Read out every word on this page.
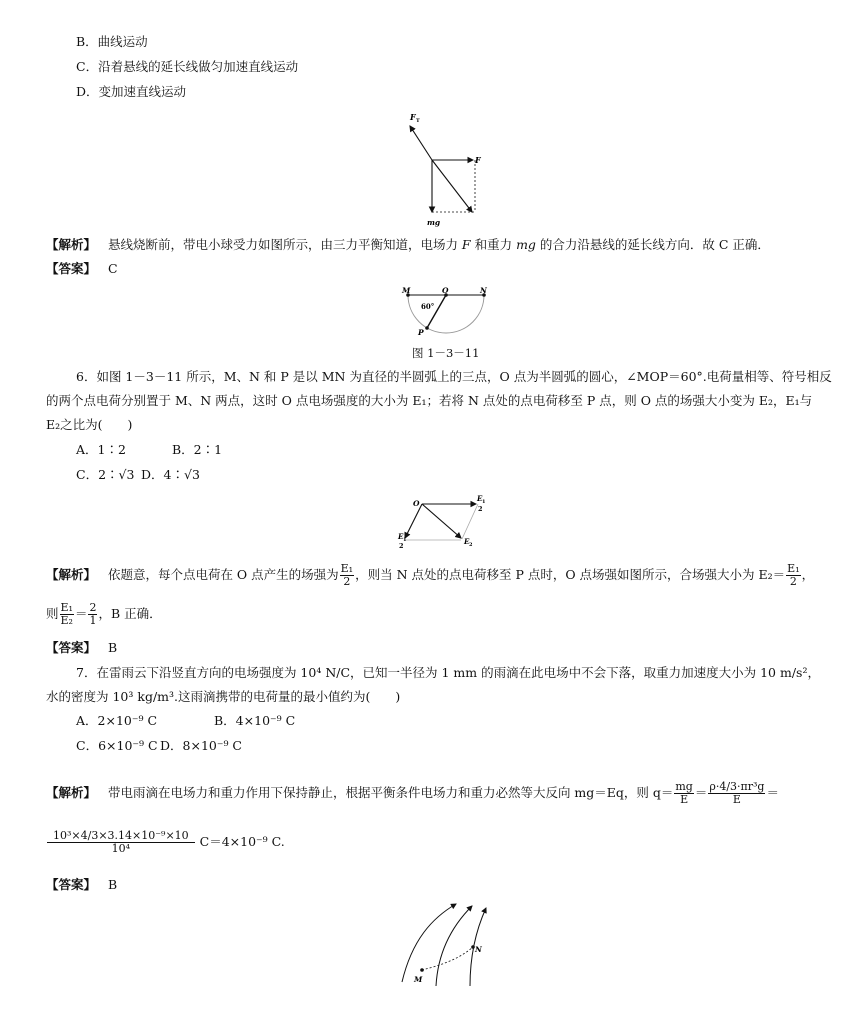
B．曲线运动
C．沿着悬线的延长线做匀加速直线运动
D．变加速直线运动
F T
F
mg
【解析】 悬线烧断前，带电小球受力如图所示，由三力平衡知道，电场力 F 和重力 mg 的合力沿悬线的延长线方向．故 C 正确．
【答案】 C
M	O	N
P
60°
图 1－3－11
6．如图 1－3－11 所示，M、N 和 P 是以 MN 为直径的半圆弧上的三点，O 点为半圆弧的圆心，∠MOP＝60°.电荷量相等、符号相反
的两个点电荷分别置于 M、N 两点，这时 O 点电场强度的大小为 E₁；若将 N 点处的点电荷移至 P 点，则 O 点的场强大小变为 E₂，E₁与
E₂之比为(　　)
A．1∶2	B．2∶1
C．2∶√3 D．4∶√3
O
E 1
2
E 1
2	E 2
【解析】 依题意，每个点电荷在 O 点产生的场强为 $\frac{\text{E₁}}{2}$ ，则当 N 点处的点电荷移至 P 点时，O 点场强如图所示，合场强大小为 $E_2= \frac{\text{E₁}}{2}$ ，
则 $\frac{\text{E₁}}{\text{E₂}} = \frac{2}{1}$ ，B 正确．
【答案】 B
7．在雷雨云下沿竖直方向的电场强度为 10⁴ N/C，已知一半径为 1 mm 的雨滴在此电场中不会下落，取重力加速度大小为 10 m/s²，
水的密度为 10³ kg/m³.这雨滴携带的电荷量的最小值约为(　　)
A．2×10⁻⁹ C	B．4×10⁻⁹ C
C．6×10⁻⁹ C D．8×10⁻⁹ C
【解析】 带电雨滴在电场力和重力作用下保持静止，根据平衡条件电场力和重力必然等大反向 mg＝Eq，则 $q= \frac{mg}{E} = \frac{\text{ρ·4/3·πr³g}}{E}$ ＝
$\frac{\text{10³×4/3×3.14×10⁻⁹×10}}{\text{10⁴}} C=4\times 10^{-9}$ C.
【答案】 B
N
M
